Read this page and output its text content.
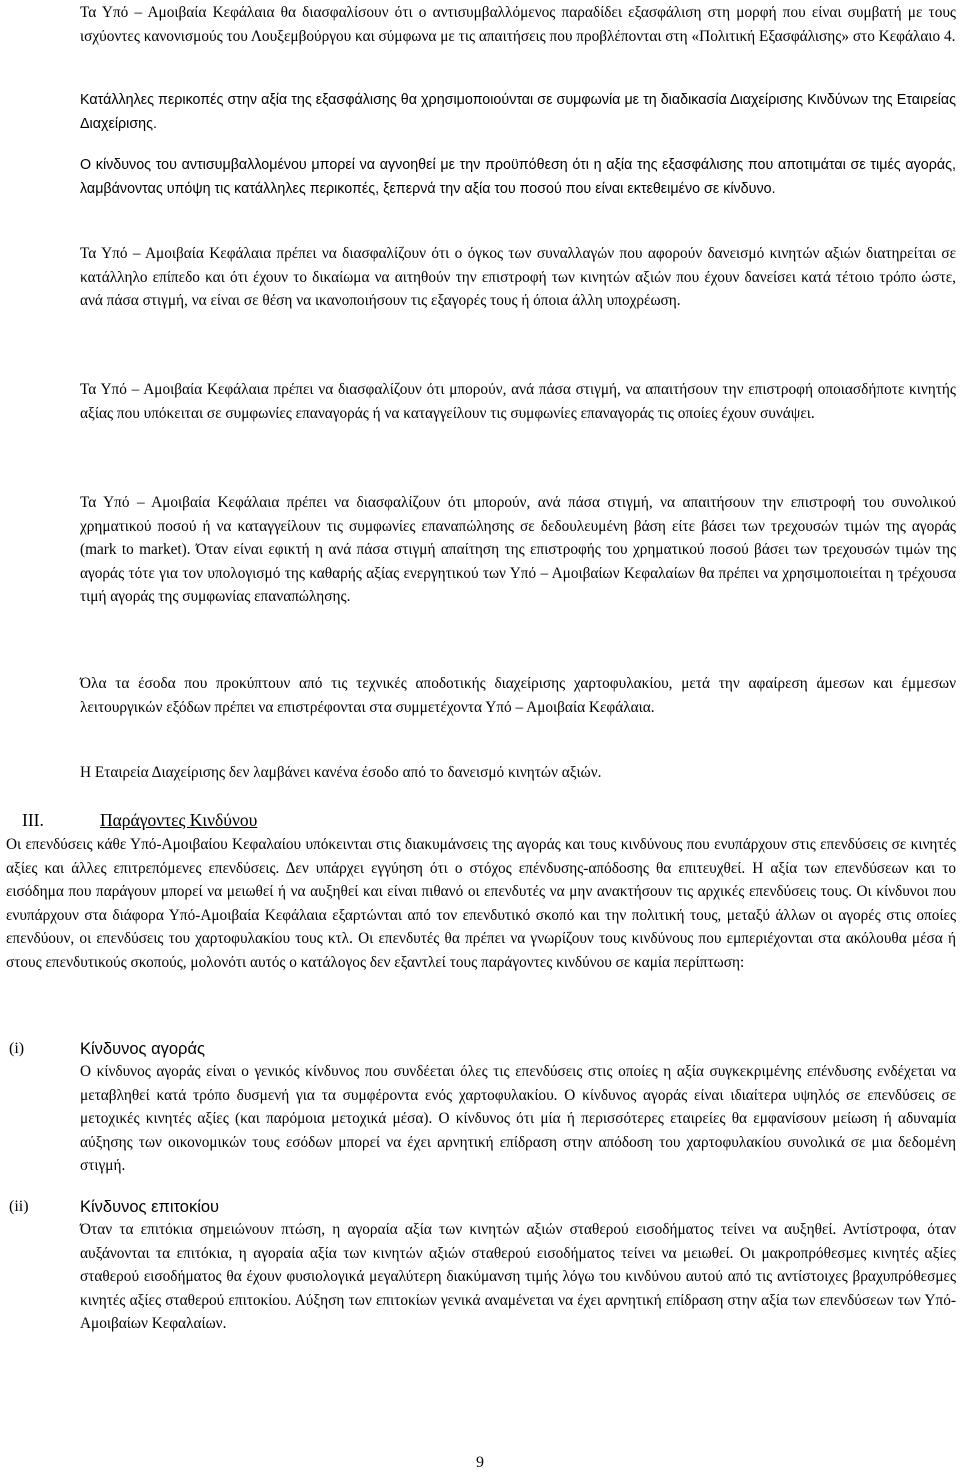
Τα Υπό – Αμοιβαία Κεφάλαια θα διασφαλίσουν ότι ο αντισυμβαλλόμενος παραδίδει εξασφάλιση στη μορφή που είναι συμβατή με τους ισχύοντες κανονισμούς του Λουξεμβούργου και σύμφωνα με τις απαιτήσεις που προβλέπονται στη «Πολιτική Εξασφάλισης» στο Κεφάλαιο 4.

Κατάλληλες περικοπές στην αξία της εξασφάλισης θα χρησιμοποιούνται σε συμφωνία με τη διαδικασία Διαχείρισης Κινδύνων της Εταιρείας Διαχείρισης.

Ο κίνδυνος του αντισυμβαλλομένου μπορεί να αγνοηθεί με την προϋπόθεση ότι η αξία της εξασφάλισης που αποτιμάται σε τιμές αγοράς, λαμβάνοντας υπόψη τις κατάλληλες περικοπές, ξεπερνά την αξία του ποσού που είναι εκτεθειμένο σε κίνδυνο.

Τα Υπό – Αμοιβαία Κεφάλαια πρέπει να διασφαλίζουν ότι ο όγκος των συναλλαγών που αφορούν δανεισμό κινητών αξιών διατηρείται σε κατάλληλο επίπεδο και ότι έχουν το δικαίωμα να αιτηθούν την επιστροφή των κινητών αξιών που έχουν δανείσει κατά τέτοιο τρόπο ώστε, ανά πάσα στιγμή, να είναι σε θέση να ικανοποιήσουν τις εξαγορές τους ή όποια άλλη υποχρέωση.

Τα Υπό – Αμοιβαία Κεφάλαια πρέπει να διασφαλίζουν ότι μπορούν, ανά πάσα στιγμή, να απαιτήσουν την επιστροφή οποιασδήποτε κινητής αξίας που υπόκειται σε συμφωνίες επαναγοράς ή να καταγγείλουν τις συμφωνίες επαναγοράς τις οποίες έχουν συνάψει.

Τα Υπό – Αμοιβαία Κεφάλαια πρέπει να διασφαλίζουν ότι μπορούν, ανά πάσα στιγμή, να απαιτήσουν την επιστροφή του συνολικού χρηματικού ποσού ή να καταγγείλουν τις συμφωνίες επαναπώλησης σε δεδουλευμένη βάση είτε βάσει των τρεχουσών τιμών της αγοράς (mark to market). Όταν είναι εφικτή η ανά πάσα στιγμή απαίτηση της επιστροφής του χρηματικού ποσού βάσει των τρεχουσών τιμών της αγοράς τότε για τον υπολογισμό της καθαρής αξίας ενεργητικού των Υπό – Αμοιβαίων Κεφαλαίων θα πρέπει να χρησιμοποιείται η τρέχουσα τιμή αγοράς της συμφωνίας επαναπώλησης.

Όλα τα έσοδα που προκύπτουν από τις τεχνικές αποδοτικής διαχείρισης χαρτοφυλακίου, μετά την αφαίρεση άμεσων και έμμεσων λειτουργικών εξόδων πρέπει να επιστρέφονται στα συμμετέχοντα Υπό – Αμοιβαία Κεφάλαια.

Η Εταιρεία Διαχείρισης δεν λαμβάνει κανένα έσοδο από το δανεισμό κινητών αξιών.

III.	Παράγοντες Κινδύνου

Οι επενδύσεις κάθε Υπό-Αμοιβαίου Κεφαλαίου υπόκεινται στις διακυμάνσεις της αγοράς και τους κινδύνους που ενυπάρχουν στις επενδύσεις σε κινητές αξίες και άλλες επιτρεπόμενες επενδύσεις. Δεν υπάρχει εγγύηση ότι ο στόχος επένδυσης-απόδοσης θα επιτευχθεί. Η αξία των επενδύσεων και το εισόδημα που παράγουν μπορεί να μειωθεί ή να αυξηθεί και είναι πιθανό οι επενδυτές να μην ανακτήσουν τις αρχικές επενδύσεις τους. Οι κίνδυνοι που ενυπάρχουν στα διάφορα Υπό-Αμοιβαία Κεφάλαια εξαρτώνται από τον επενδυτικό σκοπό και την πολιτική τους, μεταξύ άλλων οι αγορές στις οποίες επενδύουν, οι επενδύσεις του χαρτοφυλακίου τους κτλ. Οι επενδυτές θα πρέπει να γνωρίζουν τους κινδύνους που εμπεριέχονται στα ακόλουθα μέσα ή στους επενδυτικούς σκοπούς, μολονότι αυτός ο κατάλογος δεν εξαντλεί τους παράγοντες κινδύνου σε καμία περίπτωση:

(i)	Κίνδυνος αγοράς

Ο κίνδυνος αγοράς είναι ο γενικός κίνδυνος που συνδέεται όλες τις επενδύσεις στις οποίες η αξία συγκεκριμένης επένδυσης ενδέχεται να μεταβληθεί κατά τρόπο δυσμενή για τα συμφέροντα ενός χαρτοφυλακίου. Ο κίνδυνος αγοράς είναι ιδιαίτερα υψηλός σε επενδύσεις σε μετοχικές κινητές αξίες (και παρόμοια μετοχικά μέσα). Ο κίνδυνος ότι μία ή περισσότερες εταιρείες θα εμφανίσουν μείωση ή αδυναμία αύξησης των οικονομικών τους εσόδων μπορεί να έχει αρνητική επίδραση στην απόδοση του χαρτοφυλακίου συνολικά σε μια δεδομένη στιγμή.

(ii)	Κίνδυνος επιτοκίου

Όταν τα επιτόκια σημειώνουν πτώση, η αγοραία αξία των κινητών αξιών σταθερού εισοδήματος τείνει να αυξηθεί. Αντίστροφα, όταν αυξάνονται τα επιτόκια, η αγοραία αξία των κινητών αξιών σταθερού εισοδήματος τείνει να μειωθεί. Οι μακροπρόθεσμες κινητές αξίες σταθερού εισοδήματος θα έχουν φυσιολογικά μεγαλύτερη διακύμανση τιμής λόγω του κινδύνου αυτού από τις αντίστοιχες βραχυπρόθεσμες κινητές αξίες σταθερού επιτοκίου. Αύξηση των επιτοκίων γενικά αναμένεται να έχει αρνητική επίδραση στην αξία των επενδύσεων των Υπό-Αμοιβαίων Κεφαλαίων.

9
